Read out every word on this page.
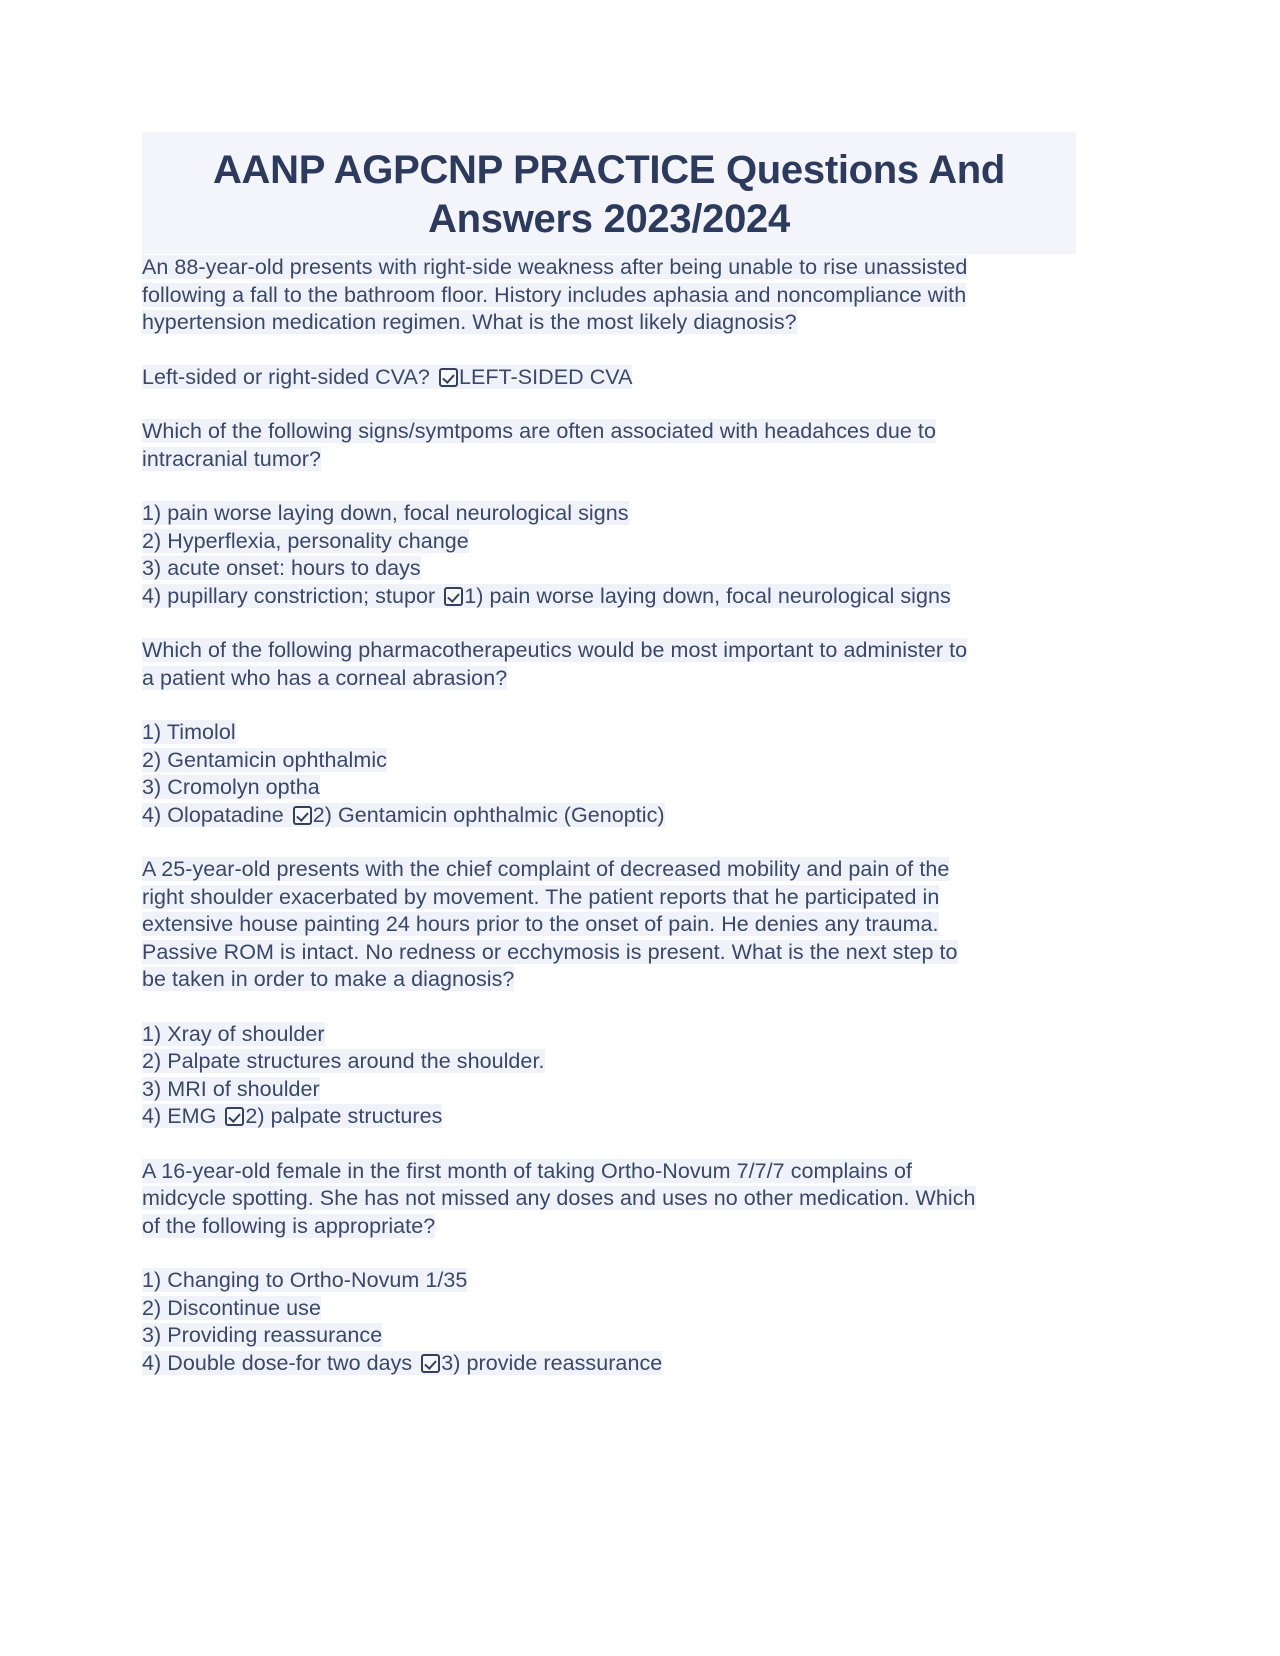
AANP AGPCNP PRACTICE Questions And
Answers 2023/2024
An 88-year-old presents with right-side weakness after being unable to rise unassisted
following a fall to the bathroom floor. History includes aphasia and noncompliance with
hypertension medication regimen. What is the most likely diagnosis?
Left-sided or right-sided CVA? LEFT-SIDED CVA
Which of the following signs/symtpoms are often associated with headahces due to
intracranial tumor?
1) pain worse laying down, focal neurological signs
2) Hyperflexia, personality change
3) acute onset: hours to days
4) pupillary constriction; stupor 1) pain worse laying down, focal neurological signs
Which of the following pharmacotherapeutics would be most important to administer to
a patient who has a corneal abrasion?
1) Timolol
2) Gentamicin ophthalmic
3) Cromolyn optha
4) Olopatadine 2) Gentamicin ophthalmic (Genoptic)
A 25-year-old presents with the chief complaint of decreased mobility and pain of the
right shoulder exacerbated by movement. The patient reports that he participated in
extensive house painting 24 hours prior to the onset of pain. He denies any trauma.
Passive ROM is intact. No redness or ecchymosis is present. What is the next step to
be taken in order to make a diagnosis?
1) Xray of shoulder
2) Palpate structures around the shoulder.
3) MRI of shoulder
4) EMG 2) palpate structures
A 16-year-old female in the first month of taking Ortho-Novum 7/7/7 complains of
midcycle spotting. She has not missed any doses and uses no other medication. Which
of the following is appropriate?
1) Changing to Ortho-Novum 1/35
2) Discontinue use
3) Providing reassurance
4) Double dose-for two days 3) provide reassurance
